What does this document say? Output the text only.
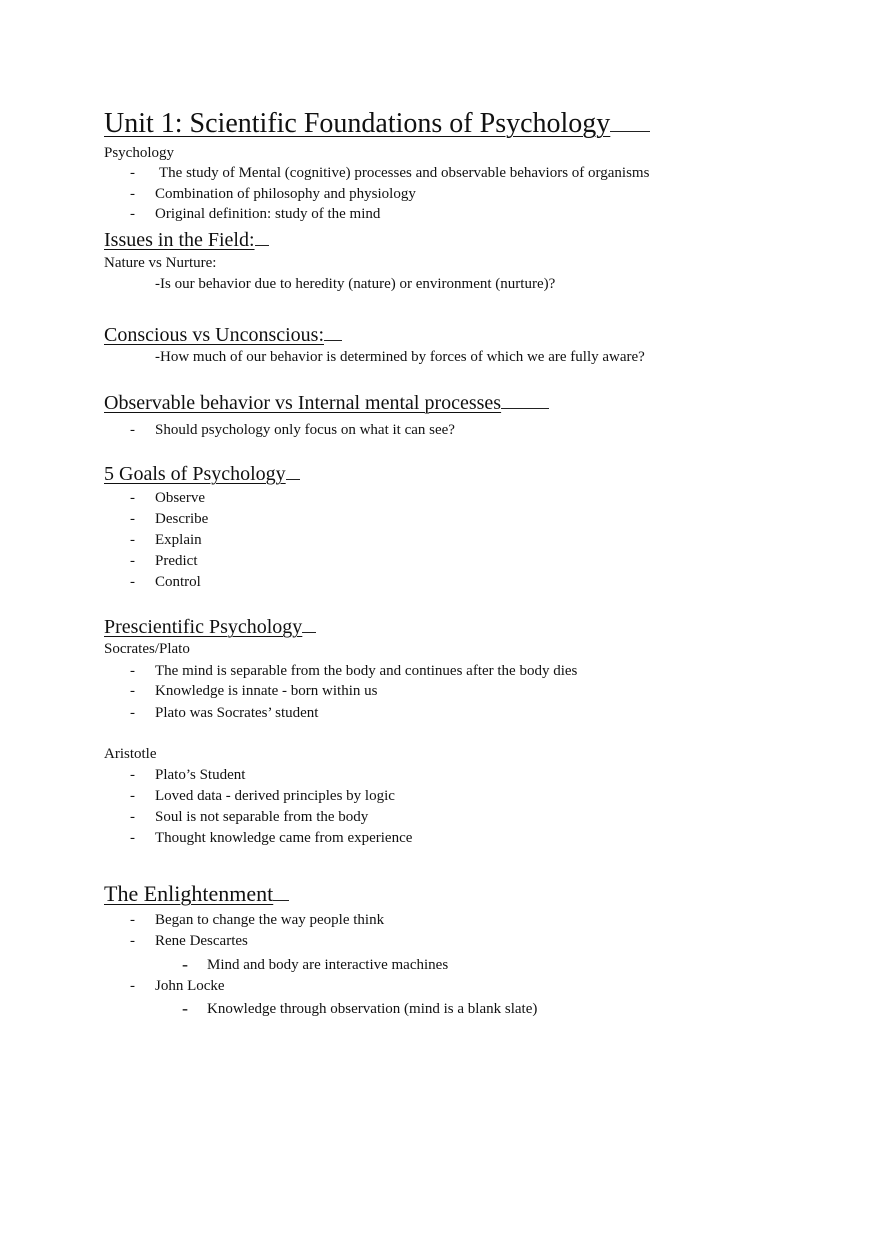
Unit 1: Scientific Foundations of Psychology
Psychology
-	The study of Mental (cognitive) processes and observable behaviors of organisms
-	Combination of philosophy and physiology
-	Original definition: study of the mind
Issues in the Field:
Nature vs Nurture:
-Is our behavior due to heredity (nature) or environment (nurture)?
Conscious vs Unconscious:
-How much of our behavior is determined by forces of which we are fully aware?
Observable behavior vs Internal mental processes
-	Should psychology only focus on what it can see?
5 Goals of Psychology
-	Observe
-	Describe
-	Explain
-	Predict
-	Control
Prescientific Psychology
Socrates/Plato
-	The mind is separable from the body and continues after the body dies
-	Knowledge is innate - born within us
-	Plato was Socrates’ student
Aristotle
-	Plato’s Student
-	Loved data - derived principles by logic
-	Soul is not separable from the body
-	Thought knowledge came from experience
The Enlightenment
-	Began to change the way people think
-	Rene Descartes
- Mind and body are interactive machines
-	John Locke
- Knowledge through observation (mind is a blank slate)
